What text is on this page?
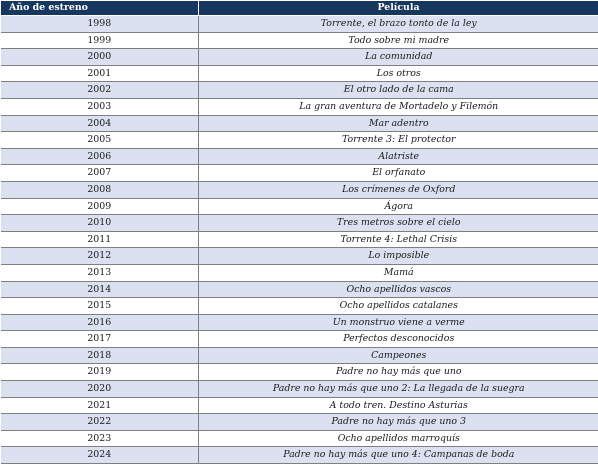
Año de estreno	Película
1998	Torrente, el brazo tonto de la ley
1999	Todo sobre mi madre
2000	La comunidad
2001	Los otros
2002	El otro lado de la cama
2003	La gran aventura de Mortadelo y Filemón
2004	Mar adentro
2005	Torrente 3: El protector
2006	Alatriste
2007	El orfanato
2008	Los crímenes de Oxford
2009	Ágora
2010	Tres metros sobre el cielo
2011	Torrente 4: Lethal Crisis
2012	Lo imposible
2013	Mamá
2014	Ocho apellidos vascos
2015	Ocho apellidos catalanes
2016	Un monstruo viene a verme
2017	Perfectos desconocidos
2018	Campeones
2019	Padre no hay más que uno
2020	Padre no hay más que uno 2: La llegada de la suegra
2021	A todo tren. Destino Asturias
2022	Padre no hay más que uno 3
2023	Ocho apellidos marroquís
2024	Padre no hay más que uno 4: Campanas de boda
